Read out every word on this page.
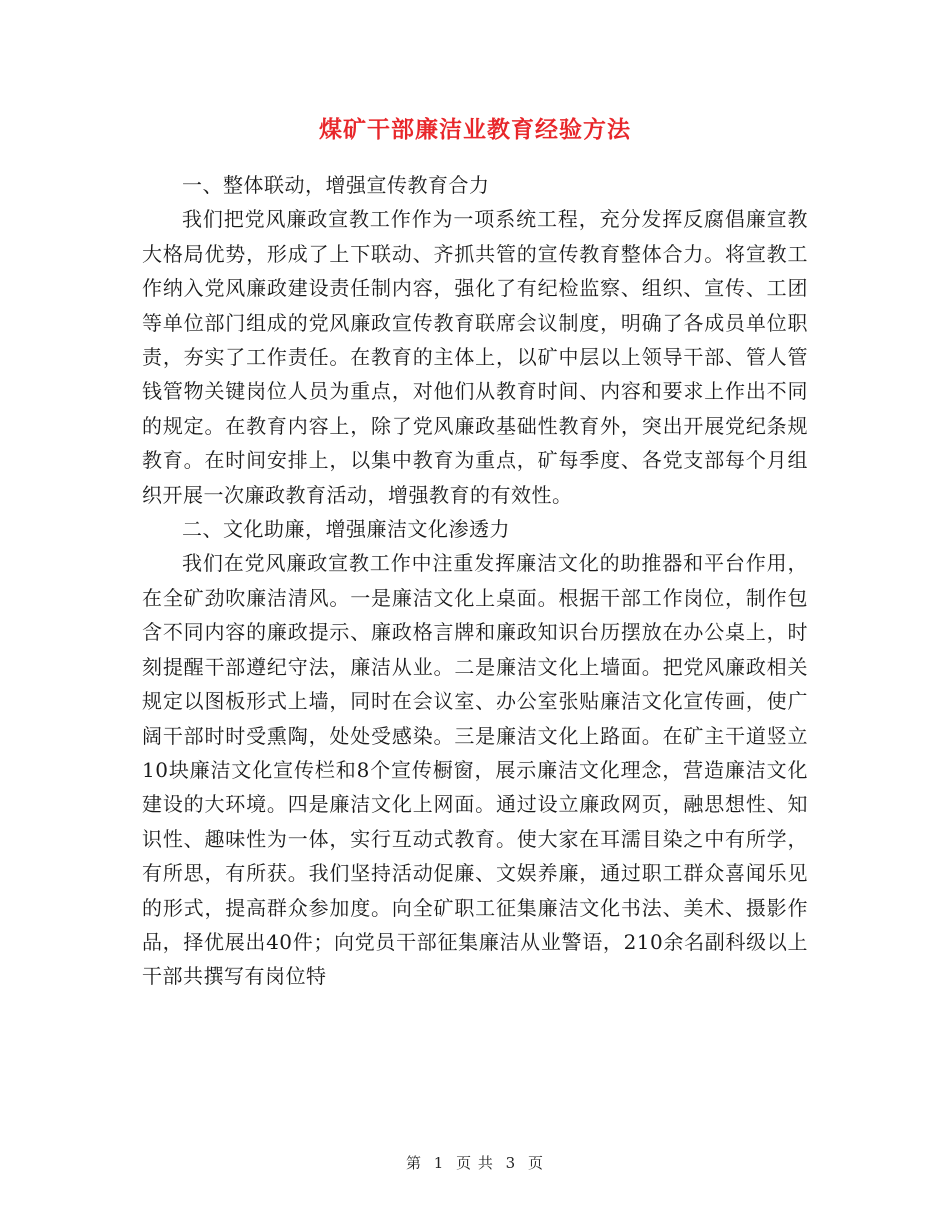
煤矿干部廉洁业教育经验方法

一、整体联动，增强宣传教育合力

我们把党风廉政宣教工作作为一项系统工程，充分发挥反腐倡廉宣教大格局优势，形成了上下联动、齐抓共管的宣传教育整体合力。将宣教工作纳入党风廉政建设责任制内容，强化了有纪检监察、组织、宣传、工团等单位部门组成的党风廉政宣传教育联席会议制度，明确了各成员单位职责，夯实了工作责任。在教育的主体上，以矿中层以上领导干部、管人管钱管物关键岗位人员为重点，对他们从教育时间、内容和要求上作出不同的规定。在教育内容上，除了党风廉政基础性教育外，突出开展党纪条规教育。在时间安排上，以集中教育为重点，矿每季度、各党支部每个月组织开展一次廉政教育活动，增强教育的有效性。

二、文化助廉，增强廉洁文化渗透力

我们在党风廉政宣教工作中注重发挥廉洁文化的助推器和平台作用，在全矿劲吹廉洁清风。一是廉洁文化上桌面。根据干部工作岗位，制作包含不同内容的廉政提示、廉政格言牌和廉政知识台历摆放在办公桌上，时刻提醒干部遵纪守法，廉洁从业。二是廉洁文化上墙面。把党风廉政相关规定以图板形式上墙，同时在会议室、办公室张贴廉洁文化宣传画，使广阔干部时时受熏陶，处处受感染。三是廉洁文化上路面。在矿主干道竖立10块廉洁文化宣传栏和8个宣传橱窗，展示廉洁文化理念，营造廉洁文化建设的大环境。四是廉洁文化上网面。通过设立廉政网页，融思想性、知识性、趣味性为一体，实行互动式教育。使大家在耳濡目染之中有所学，有所思，有所获。我们坚持活动促廉、文娱养廉，通过职工群众喜闻乐见的形式，提高群众参加度。向全矿职工征集廉洁文化书法、美术、摄影作品，择优展出40件；向党员干部征集廉洁从业警语，210余名副科级以上干部共撰写有岗位特

第 1 页 共 3 页
